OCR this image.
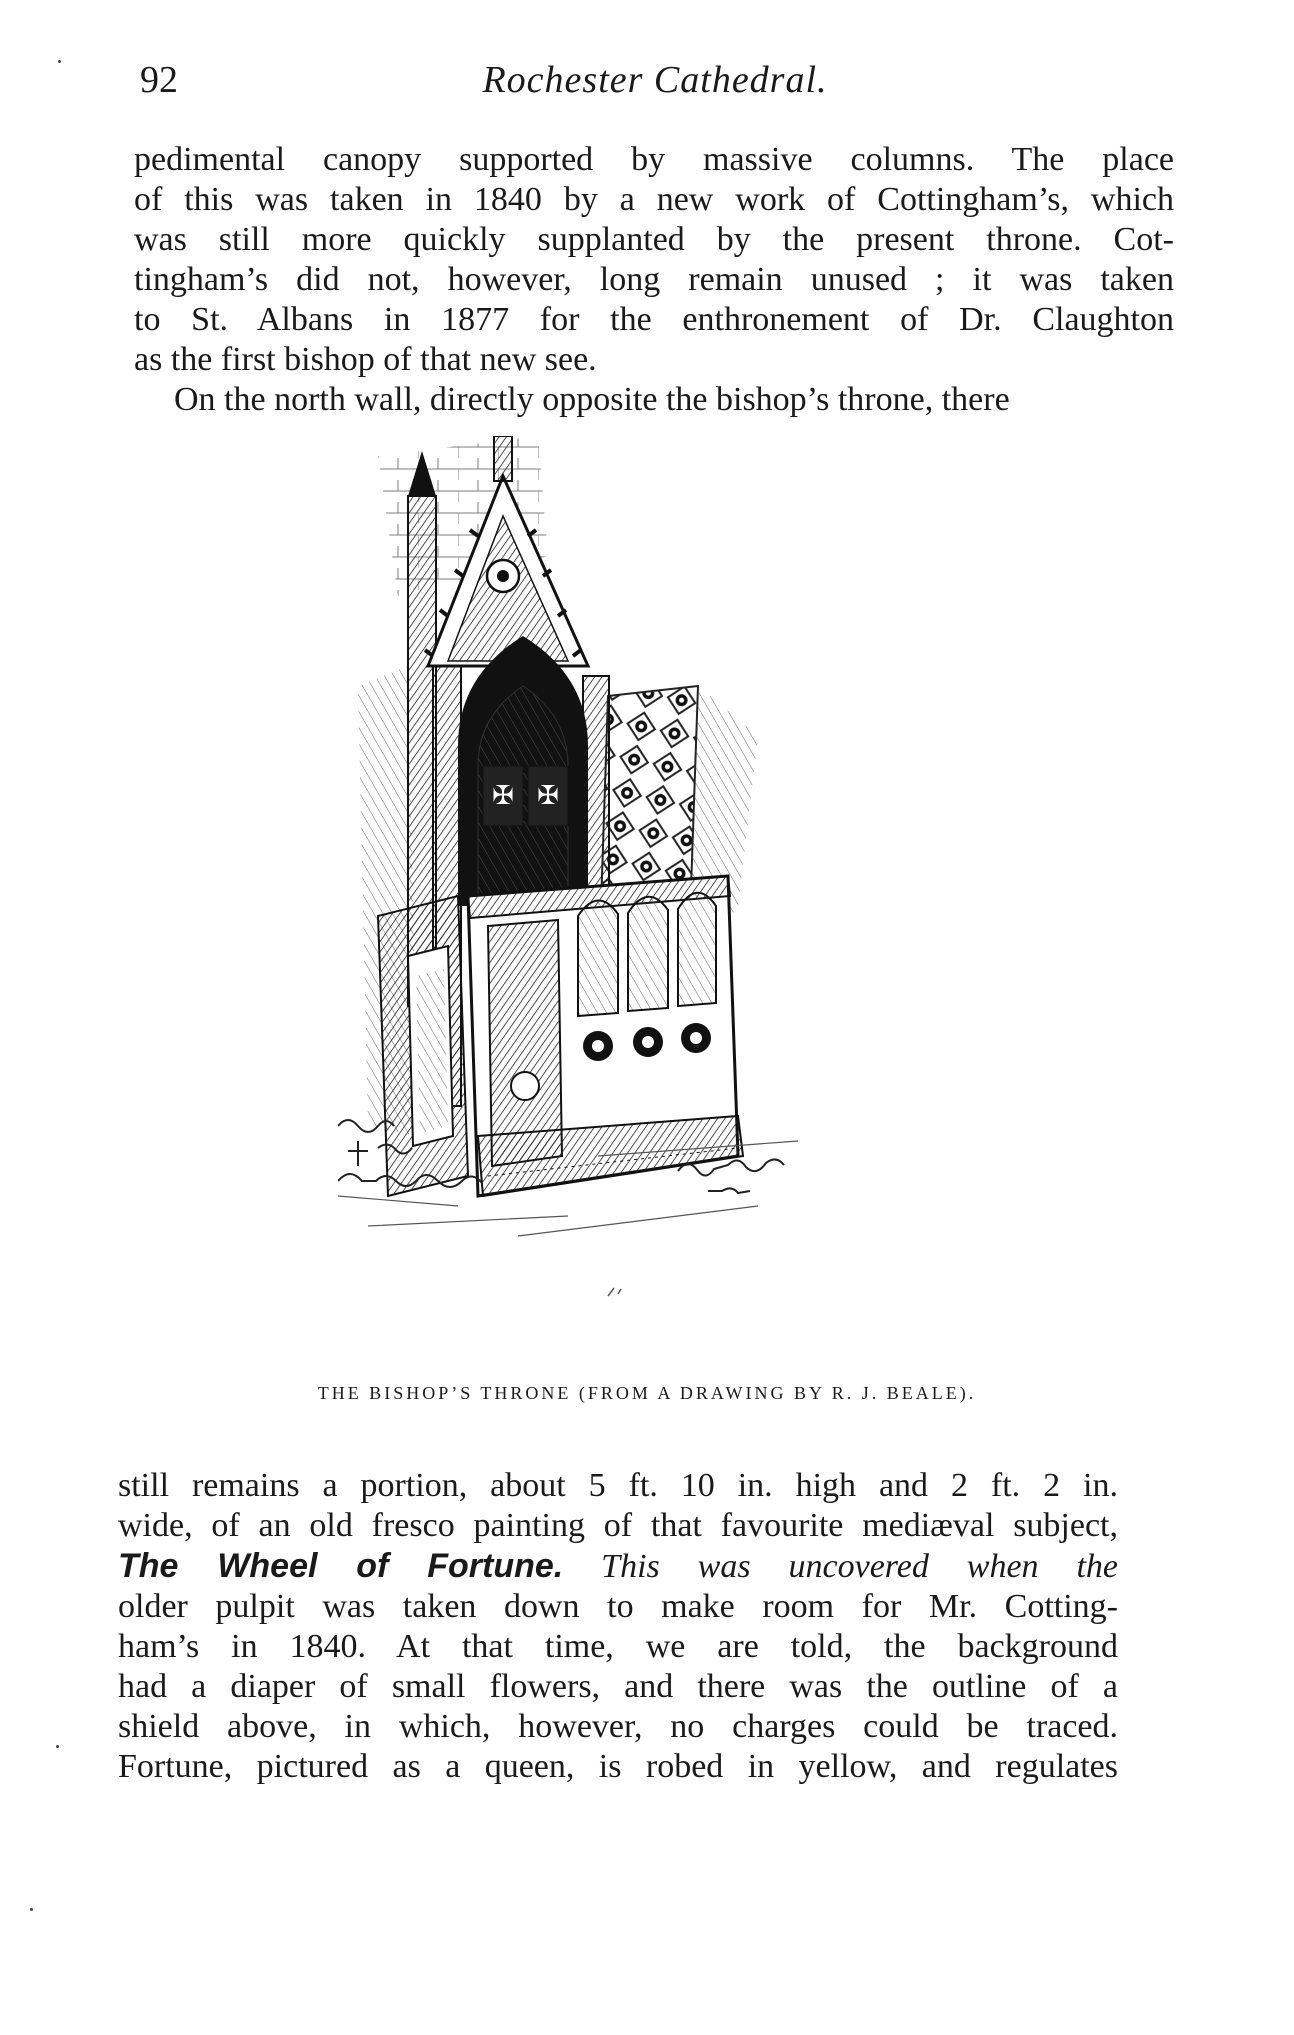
92	Rochester Cathedral.
pedimental canopy supported by massive columns. The place
of this was taken in 1840 by a new work of Cottingham’s, which
was still more quickly supplanted by the present throne. Cot-
tingham’s did not, however, long remain unused ; it was taken
to St. Albans in 1877 for the enthronement of Dr. Claughton
as the first bishop of that new see.
On the north wall, directly opposite the bishop’s throne, there
✠ ✠
THE BISHOP’S THRONE (FROM A DRAWING BY R. J. BEALE).
still remains a portion, about 5 ft. 10 in. high and 2 ft. 2 in.
wide, of an old fresco painting of that favourite mediæval subject,
The Wheel of Fortune. This was uncovered when the
older pulpit was taken down to make room for Mr. Cotting-
ham’s in 1840. At that time, we are told, the background
had a diaper of small flowers, and there was the outline of a
shield above, in which, however, no charges could be traced.
Fortune, pictured as a queen, is robed in yellow, and regulates
